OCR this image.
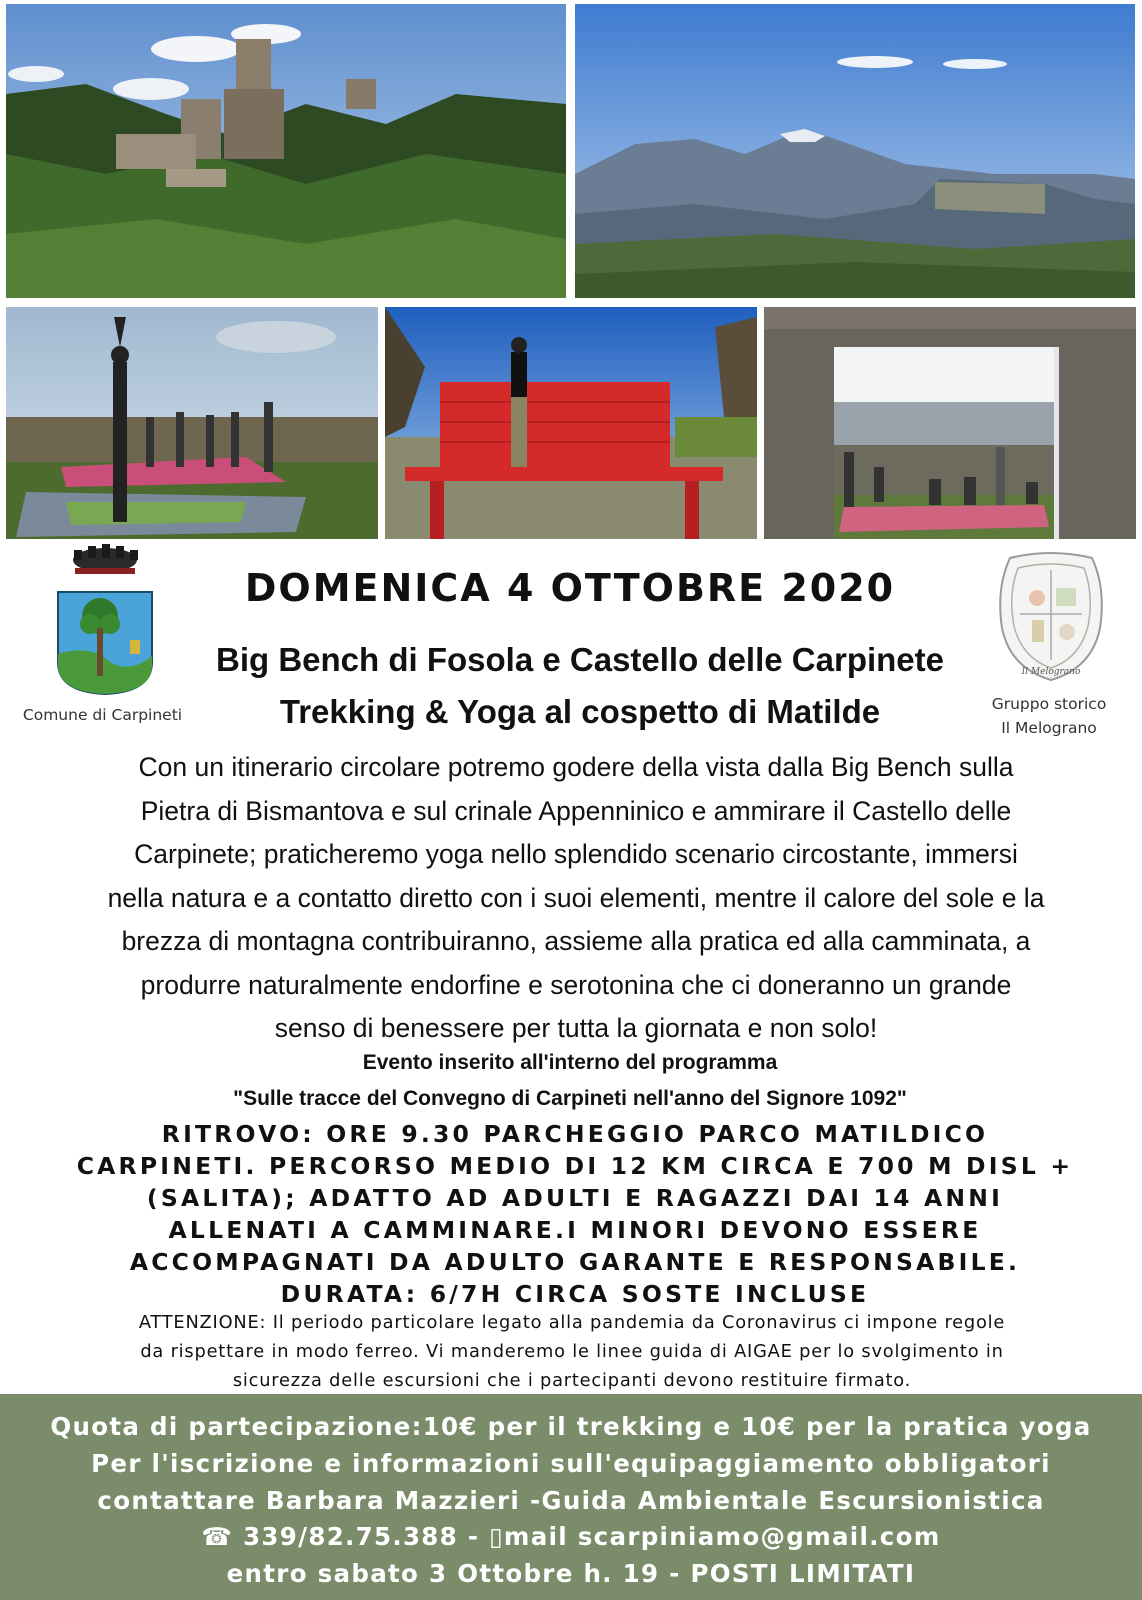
Comune di Carpineti
Il Melograno
Gruppo storico
Il Melograno
DOMENICA 4 OTTOBRE 2020
Big Bench di Fosola e Castello delle Carpinete
Trekking & Yoga al cospetto di Matilde
Con un itinerario circolare potremo godere della vista dalla Big Bench sulla
Pietra di Bismantova e sul crinale Appenninico e ammirare il Castello delle
Carpinete; praticheremo yoga nello splendido scenario circostante, immersi
nella natura e a contatto diretto con i suoi elementi, mentre il calore del sole e la
brezza di montagna contribuiranno, assieme alla pratica ed alla camminata, a
produrre naturalmente endorfine e serotonina che ci doneranno un grande
senso di benessere per tutta la giornata e non solo!
Evento inserito all'interno del programma
"Sulle tracce del Convegno di Carpineti nell'anno del Signore 1092"
RITROVO: ORE 9.30 PARCHEGGIO PARCO MATILDICO
CARPINETI. PERCORSO MEDIO DI 12 KM CIRCA E 700 M DISL +
(SALITA); ADATTO AD ADULTI E RAGAZZI DAI 14 ANNI
ALLENATI A CAMMINARE.I MINORI DEVONO ESSERE
ACCOMPAGNATI DA ADULTO GARANTE E RESPONSABILE.
DURATA: 6/7H CIRCA SOSTE INCLUSE
ATTENZIONE: Il periodo particolare legato alla pandemia da Coronavirus ci impone regole
da rispettare in modo ferreo. Vi manderemo le linee guida di AIGAE per lo svolgimento in
sicurezza delle escursioni che i partecipanti devono restituire firmato.
Quota di partecipazione:10€ per il trekking e 10€ per la pratica yoga
Per l'iscrizione e informazioni sull'equipaggiamento obbligatori
contattare Barbara Mazzieri -Guida Ambientale Escursionistica
☎ 339/82.75.388 - ▯mail scarpiniamo@gmail.com
entro sabato 3 Ottobre h. 19 - POSTI LIMITATI
